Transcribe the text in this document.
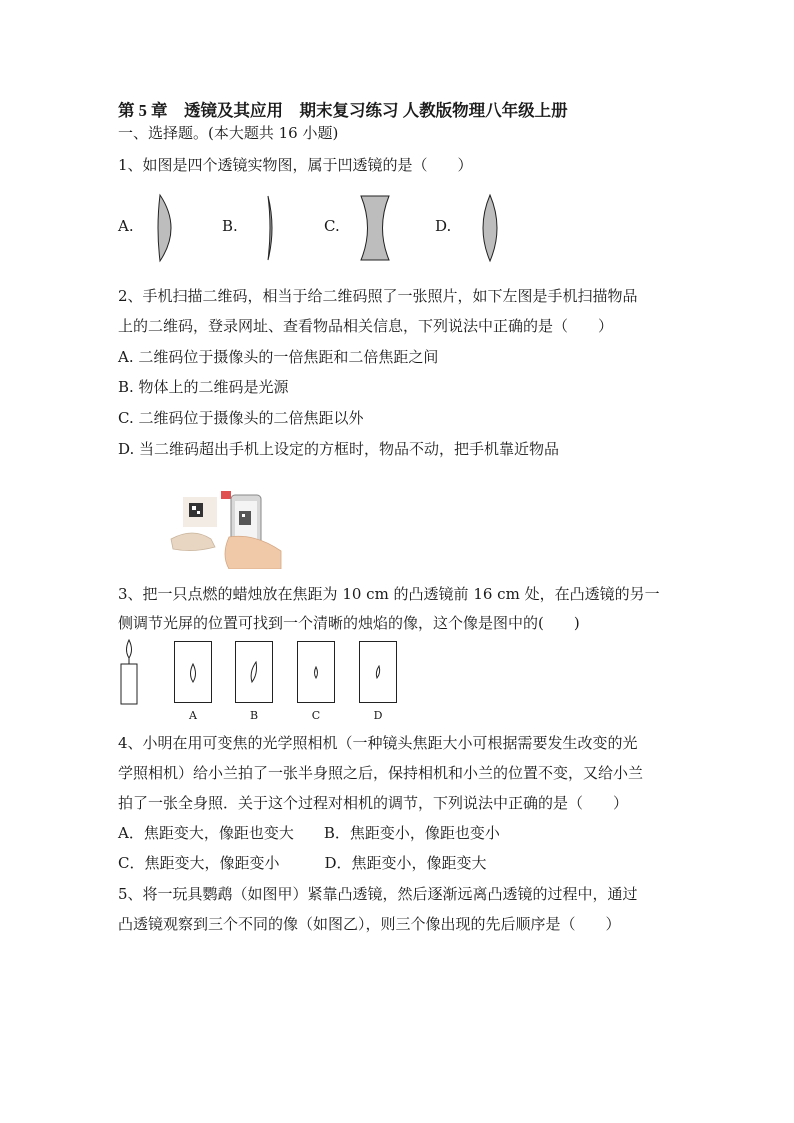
第 5 章　透镜及其应用　期末复习练习 人教版物理八年级上册
一、选择题。(本大题共 16 小题)
1、如图是四个透镜实物图，属于凹透镜的是（　　）
A.	B.	C.	D.
2、手机扫描二维码，相当于给二维码照了一张照片，如下左图是手机扫描物品
上的二维码，登录网址、查看物品相关信息，下列说法中正确的是（　　）
A. 二维码位于摄像头的一倍焦距和二倍焦距之间
B. 物体上的二维码是光源
C. 二维码位于摄像头的二倍焦距以外
D. 当二维码超出手机上设定的方框时，物品不动，把手机靠近物品
3、把一只点燃的蜡烛放在焦距为 10 cm 的凸透镜前 16 cm 处，在凸透镜的另一
侧调节光屏的位置可找到一个清晰的烛焰的像，这个像是图中的(　　)
A	B	C	D
4、小明在用可变焦的光学照相机（一种镜头焦距大小可根据需要发生改变的光
学照相机）给小兰拍了一张半身照之后，保持相机和小兰的位置不变，又给小兰
拍了一张全身照．关于这个过程对相机的调节，下列说法中正确的是（　　）
A．焦距变大，像距也变大　　B．焦距变小，像距也变小
C．焦距变大，像距变小　　　D．焦距变小，像距变大
5、将一玩具鹦鹉（如图甲）紧靠凸透镜，然后逐渐远离凸透镜的过程中，通过
凸透镜观察到三个不同的像（如图乙），则三个像出现的先后顺序是（　　）
